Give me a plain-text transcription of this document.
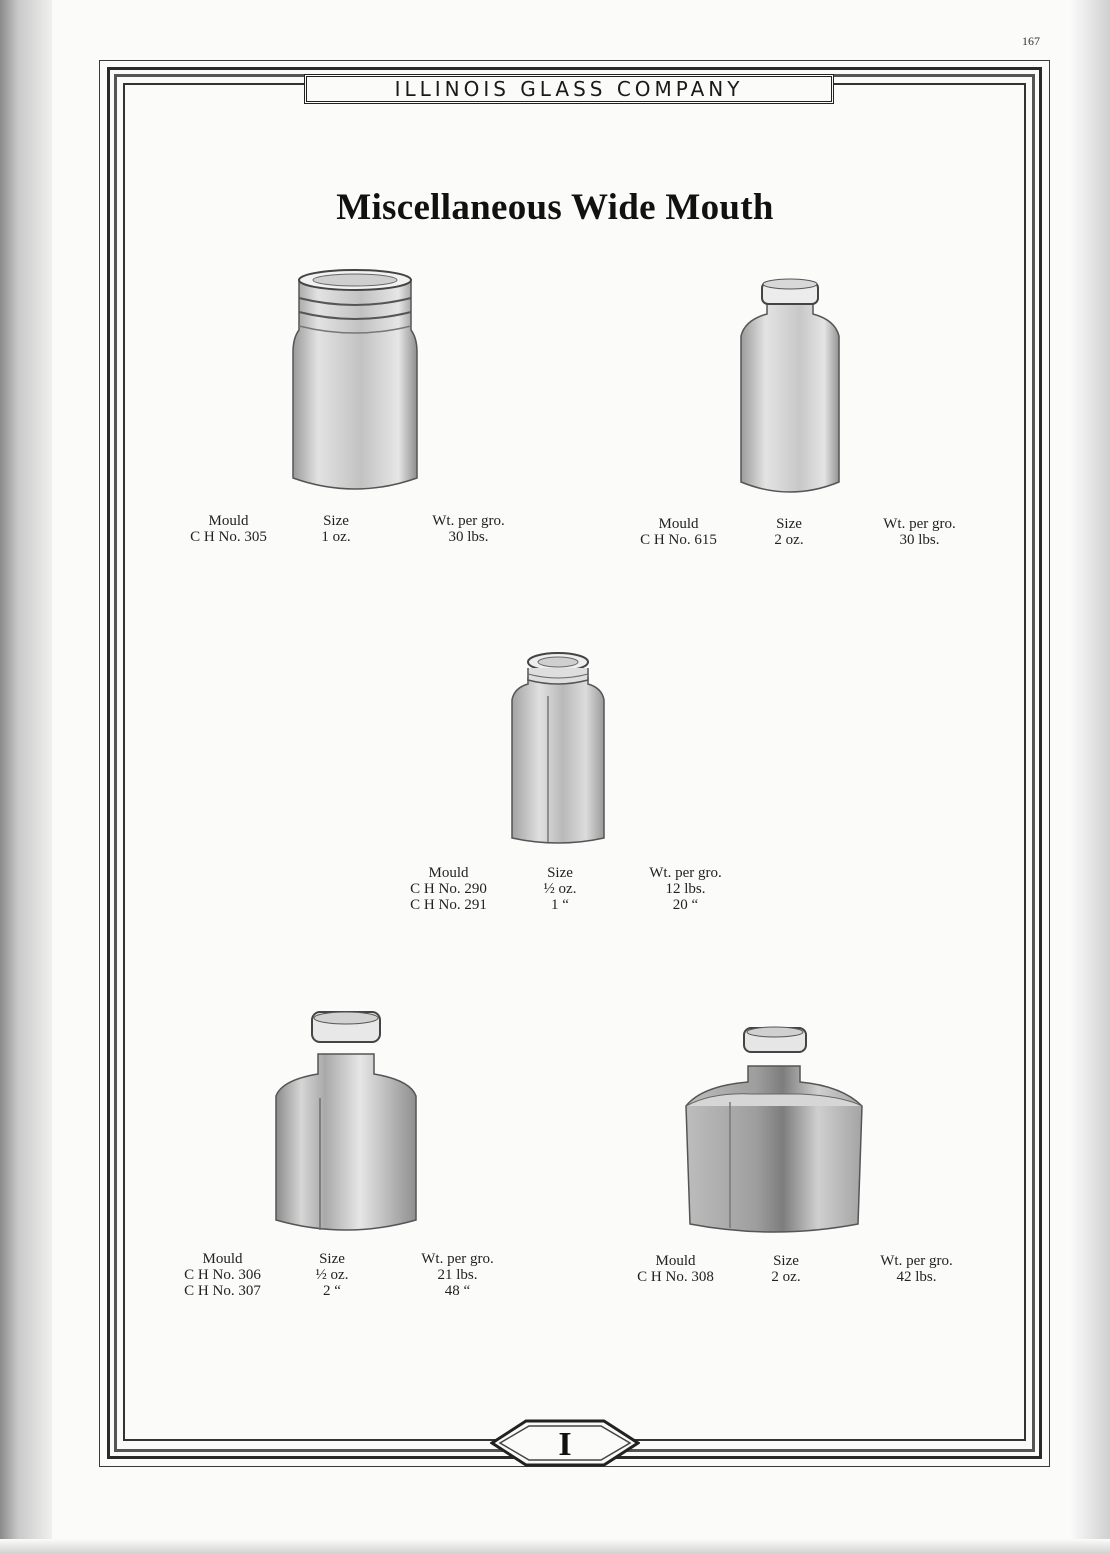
167
ILLINOIS GLASS COMPANY
Miscellaneous Wide Mouth
Mould
C H No. 305
Size
1 oz.
Wt. per gro.
30 lbs.
Mould
C H No. 615
Size
2 oz.
Wt. per gro.
30 lbs.
Mould
C H No. 290
C H No. 291
Size
½ oz.
1 “
Wt. per gro.
12 lbs.
20 “
Mould
C H No. 306
C H No. 307
Size
½ oz.
2 “
Wt. per gro.
21 lbs.
48 “
Mould
C H No. 308
Size
2 oz.
Wt. per gro.
42 lbs.
I
